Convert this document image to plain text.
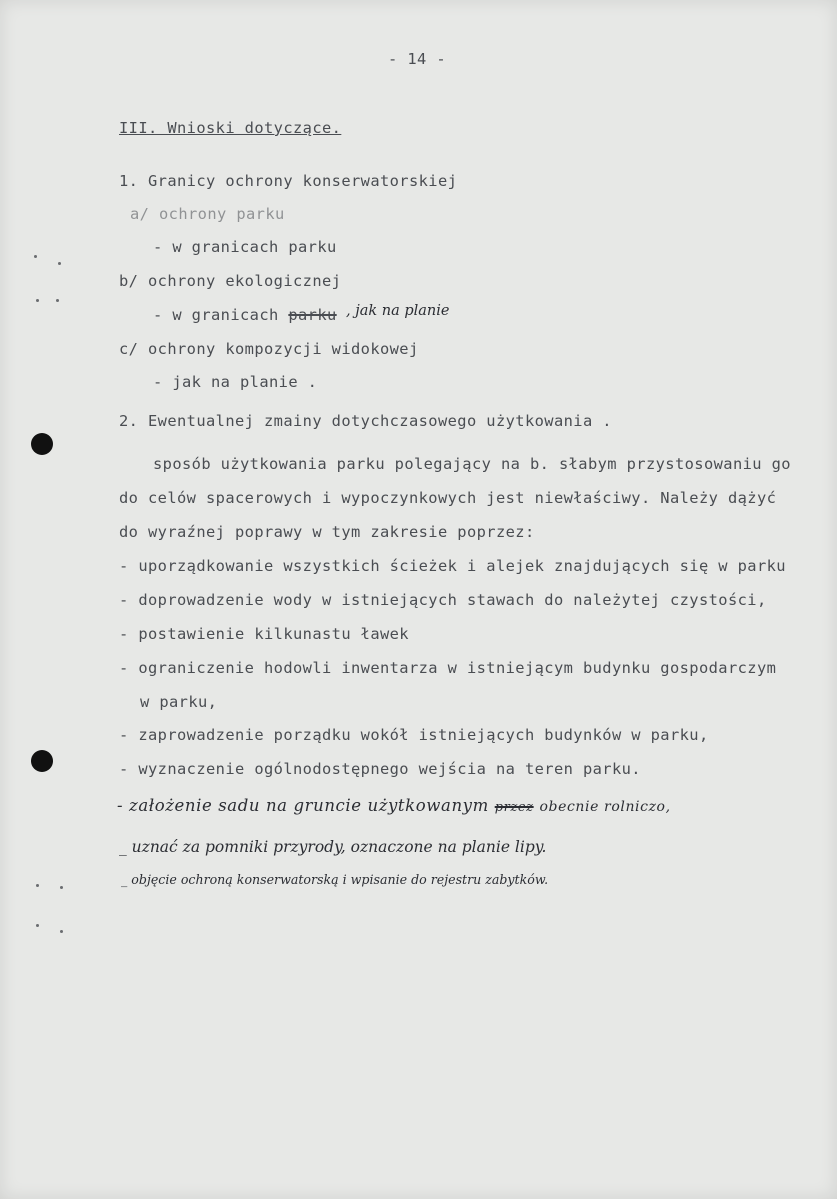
- 14 -
III. Wnioski dotyczące.
1. Granicy ochrony konserwatorskiej
a/ ochrony parku
- w granicach parku
b/ ochrony ekologicznej
- w granicach parku , jak na planie
c/ ochrony kompozycji widokowej
- jak na planie .
2. Ewentualnej zmainy dotychczasowego użytkowania .
sposób użytkowania parku polegający na b. słabym przystosowaniu go
do celów spacerowych i wypoczynkowych jest niewłaściwy. Należy dążyć
do wyraźnej poprawy w tym zakresie poprzez:
- uporządkowanie wszystkich ścieżek i alejek znajdujących się w parku
- doprowadzenie wody w istniejących stawach do należytej czystości,
- postawienie kilkunastu ławek
- ograniczenie hodowli inwentarza w istniejącym budynku gospodarczym
w parku,
- zaprowadzenie porządku wokół istniejących budynków w parku,
- wyznaczenie ogólnodostępnego wejścia na teren parku.
- założenie sadu na gruncie użytkowanym przez obecnie rolniczo,
_ uznać za pomniki przyrody, oznaczone na planie lipy.
_ objęcie ochroną konserwatorską i wpisanie do rejestru zabytków.
